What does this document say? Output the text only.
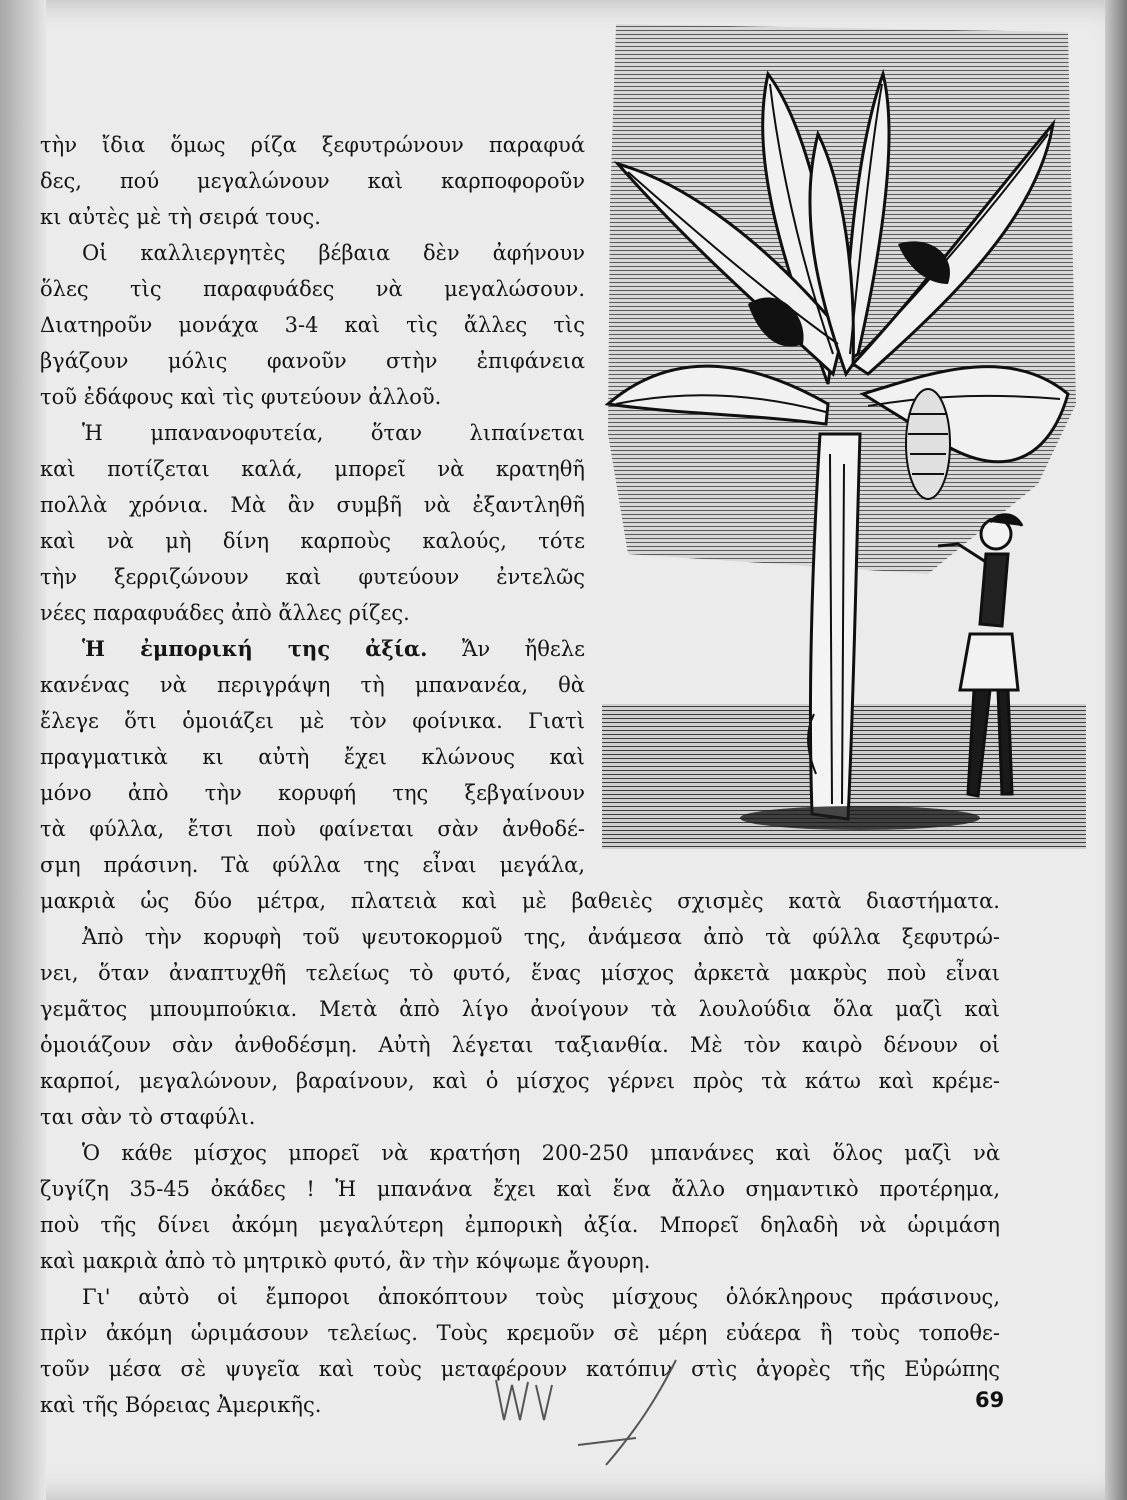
τὴν ἴδια ὅμως ρίζα ξεφυτρώνουν παραφυά
δες, πού μεγαλώνουν καὶ καρποφοροῦν
κι αὐτὲς μὲ τὴ σειρά τους.
Οἱ καλλιεργητὲς βέβαια δὲν ἀφήνουν
ὅλες τὶς παραφυάδες νὰ μεγαλώσουν.
Διατηροῦν μονάχα 3-4 καὶ τὶς ἄλλες τὶς
βγάζουν μόλις φανοῦν στὴν ἐπιφάνεια
τοῦ ἐδάφους καὶ τὶς φυτεύουν ἀλλοῦ.
Ἡ μπανανοφυτεία, ὅταν λιπαίνεται
καὶ ποτίζεται καλά, μπορεῖ νὰ κρατηθῆ
πολλὰ χρόνια. Μὰ ἂν συμβῆ νὰ ἐξαντληθῆ
καὶ νὰ μὴ δίνη καρποὺς καλούς, τότε
τὴν ξερριζώνουν καὶ φυτεύουν ἐντελῶς
νέες παραφυάδες ἀπὸ ἄλλες ρίζες.
Ἡ ἐμπορική της ἀξία. Ἄν ἤθελε
κανένας νὰ περιγράψη τὴ μπανανέα, θὰ
ἔλεγε ὅτι ὁμοιάζει μὲ τὸν φοίνικα. Γιατὶ
πραγματικὰ κι αὐτὴ ἔχει κλώνους καὶ
μόνο ἀπὸ τὴν κορυφή της ξεβγαίνουν
τὰ φύλλα, ἔτσι ποὺ φαίνεται σὰν ἀνθοδέ-
σμη πράσινη. Τὰ φύλλα της εἶναι μεγάλα,
μακριὰ ὡς δύο μέτρα, πλατειὰ καὶ μὲ βαθειὲς σχισμὲς κατὰ διαστήματα.
Ἀπὸ τὴν κορυφὴ τοῦ ψευτοκορμοῦ της, ἀνάμεσα ἀπὸ τὰ φύλλα ξεφυτρώ-
νει, ὅταν ἀναπτυχθῆ τελείως τὸ φυτό, ἕνας μίσχος ἀρκετὰ μακρὺς ποὺ εἶναι
γεμᾶτος μπουμπούκια. Μετὰ ἀπὸ λίγο ἀνοίγουν τὰ λουλούδια ὅλα μαζὶ καὶ
ὁμοιάζουν σὰν ἀνθοδέσμη. Αὐτὴ λέγεται ταξιανθία. Μὲ τὸν καιρὸ δένουν οἱ
καρποί, μεγαλώνουν, βαραίνουν, καὶ ὁ μίσχος γέρνει πρὸς τὰ κάτω καὶ κρέμε-
ται σὰν τὸ σταφύλι.
Ὁ κάθε μίσχος μπορεῖ νὰ κρατήση 200-250 μπανάνες καὶ ὅλος μαζὶ νὰ
ζυγίζη 35-45 ὀκάδες ! Ἡ μπανάνα ἔχει καὶ ἕνα ἄλλο σημαντικὸ προτέρημα,
ποὺ τῆς δίνει ἀκόμη μεγαλύτερη ἐμπορικὴ ἀξία. Μπορεῖ δηλαδὴ νὰ ὡριμάση
καὶ μακριὰ ἀπὸ τὸ μητρικὸ φυτό, ἂν τὴν κόψωμε ἄγουρη.
Γι' αὐτὸ οἱ ἔμποροι ἀποκόπτουν τοὺς μίσχους ὁλόκληρους πράσινους,
πρὶν ἀκόμη ὡριμάσουν τελείως. Τοὺς κρεμοῦν σὲ μέρη εὐάερα ἢ τοὺς τοποθε-
τοῦν μέσα σὲ ψυγεῖα καὶ τοὺς μεταφέρουν κατόπιν στὶς ἀγορὲς τῆς Εὐρώπης
καὶ τῆς Βόρειας Ἀμερικῆς.	ѵѵѵ	69
